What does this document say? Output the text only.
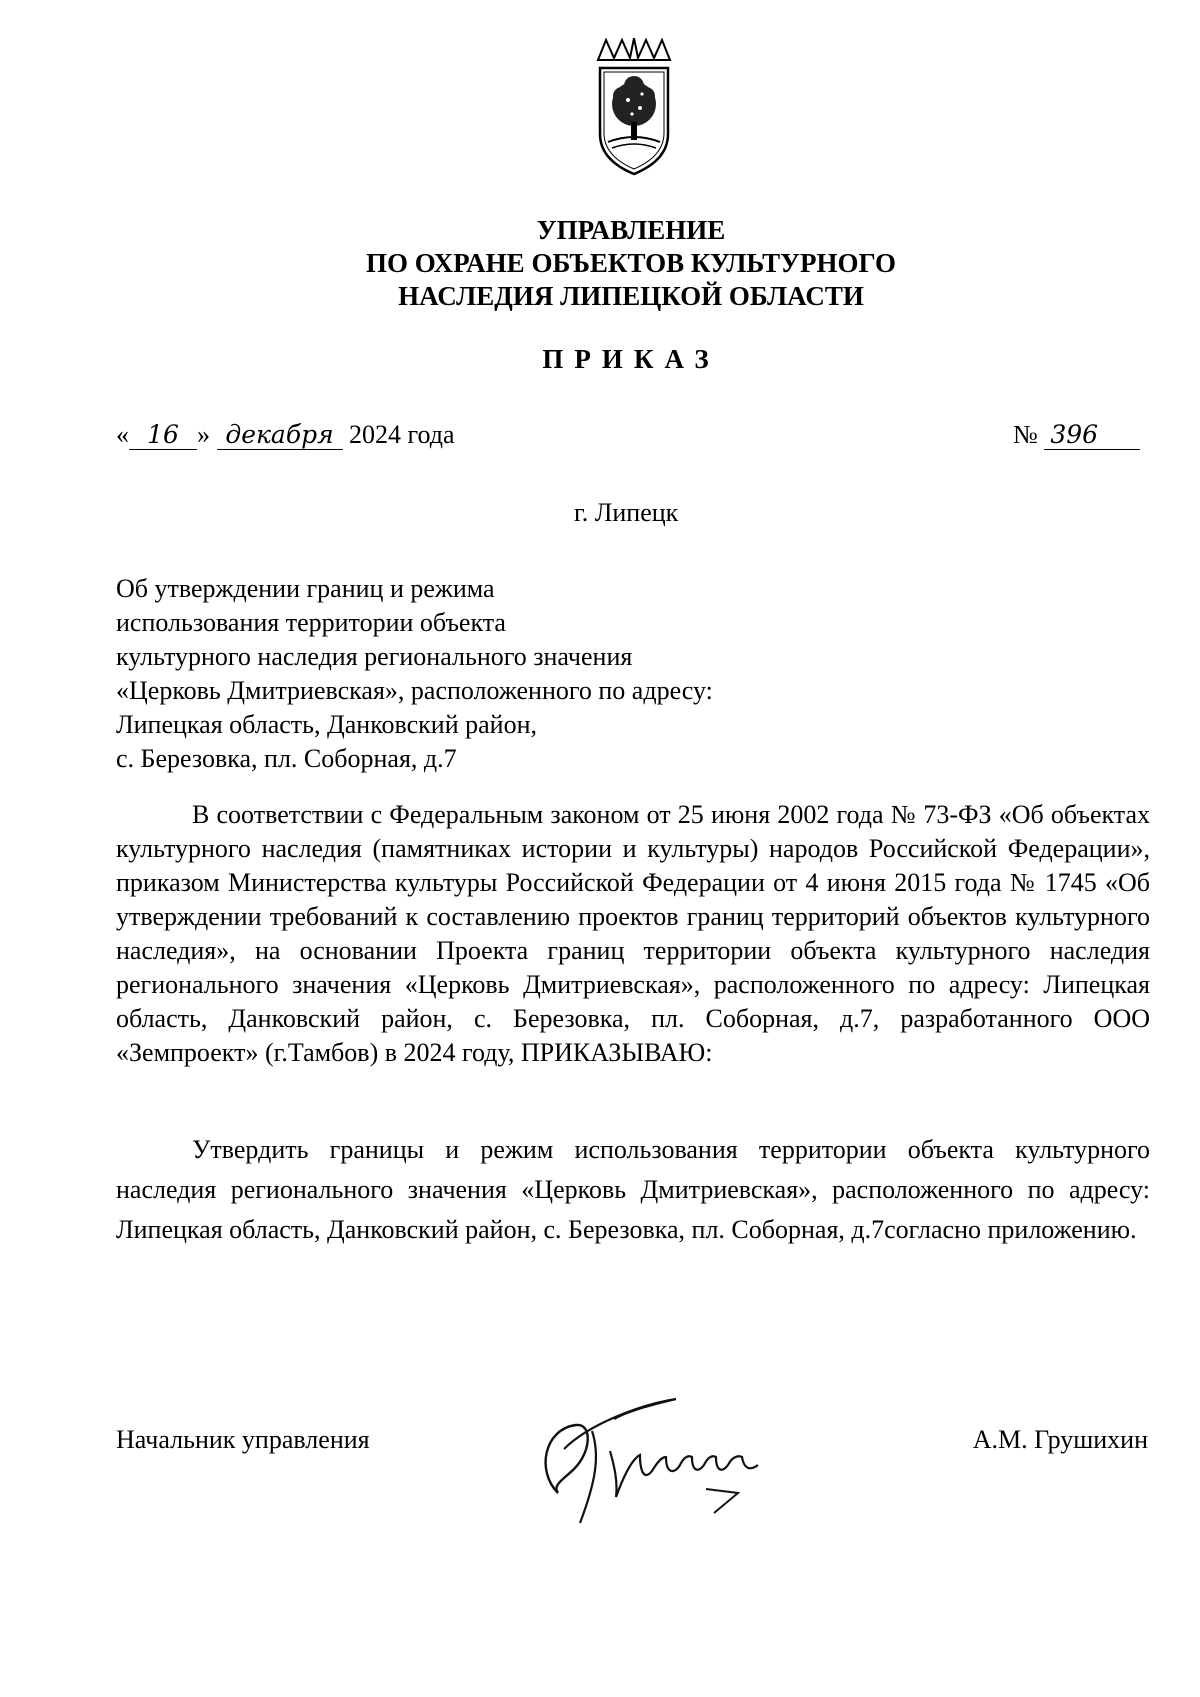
УПРАВЛЕНИЕ
ПО ОХРАНЕ ОБЪЕКТОВ КУЛЬТУРНОГО
НАСЛЕДИЯ ЛИПЕЦКОЙ ОБЛАСТИ
ПРИКАЗ
« 16 » декабря 2024 года	№ 396
г. Липецк
Об утверждении границ и режима
использования территории объекта
культурного наследия регионального значения
«Церковь Дмитриевская», расположенного по адресу:
Липецкая область, Данковский район,
с. Березовка, пл. Соборная, д.7
В соответствии с Федеральным законом от 25 июня 2002 года № 73-ФЗ «Об объектах культурного наследия (памятниках истории и культуры) народов Российской Федерации», приказом Министерства культуры Российской Федерации от 4 июня 2015 года № 1745 «Об утверждении требований к составлению проектов границ территорий объектов культурного наследия», на основании Проекта границ территории объекта культурного наследия регионального значения «Церковь Дмитриевская», расположенного по адресу: Липецкая область, Данковский район, с. Березовка, пл. Соборная, д.7, разработанного ООО «Земпроект» (г.Тамбов) в 2024 году, ПРИКАЗЫВАЮ:
Утвердить границы и режим использования территории объекта культурного наследия регионального значения «Церковь Дмитриевская», расположенного по адресу: Липецкая область, Данковский район, с. Березовка, пл. Соборная, д.7согласно приложению.
Начальник управления	А.М. Грушихин
